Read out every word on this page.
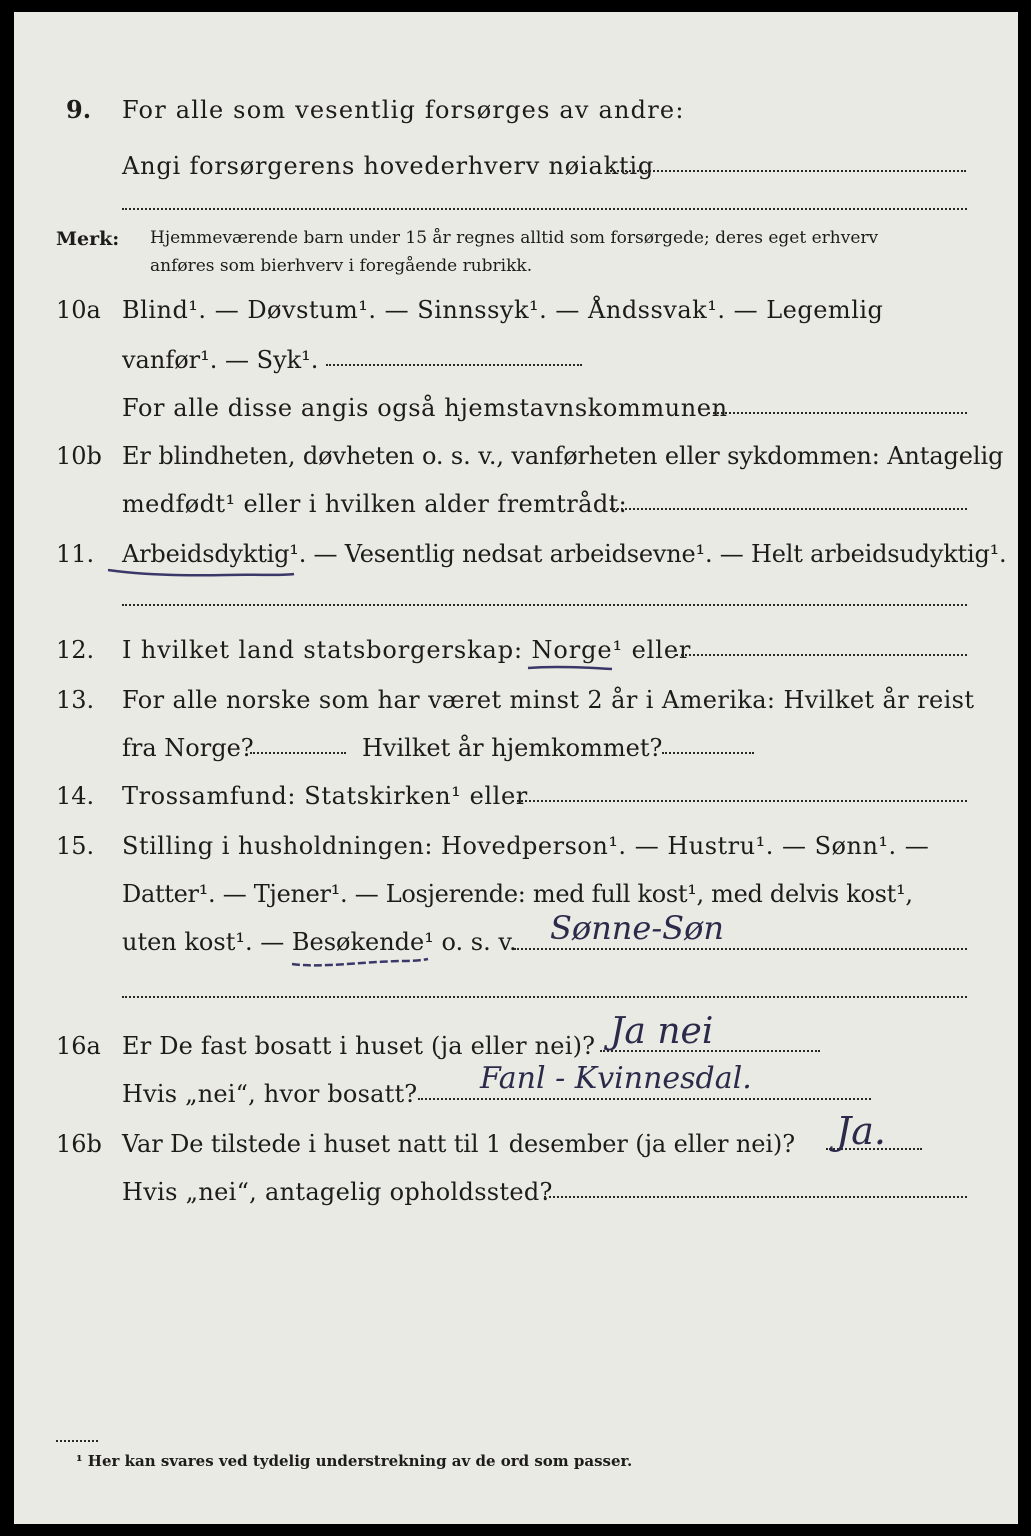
9. For alle som vesentlig forsørges av andre:
Angi forsørgerens hovederhverv nøiaktig
Merk: Hjemmeværende barn under 15 år regnes alltid som forsørgede; deres eget erhverv
anføres som bierhverv i foregående rubrikk.
10a Blind¹. — Døvstum¹. — Sinnssyk¹. — Åndssvak¹. — Legemlig
vanfør¹. — Syk¹.
For alle disse angis også hjemstavnskommunen
10b Er blindheten, døvheten o. s. v., vanførheten eller sykdommen: Antagelig
medfødt¹ eller i hvilken alder fremtrådt:
11. Arbeidsdyktig¹. — Vesentlig nedsat arbeidsevne¹. — Helt arbeidsudyktig¹.
12. I hvilket land statsborgerskap: Norge¹ eller
13. For alle norske som har været minst 2 år i Amerika: Hvilket år reist
fra Norge?	Hvilket år hjemkommet?
14. Trossamfund: Statskirken¹ eller
15. Stilling i husholdningen: Hovedperson¹. — Hustru¹. — Sønn¹. —
Datter¹. — Tjener¹. — Losjerende: med full kost¹, med delvis kost¹,
uten kost¹. — Besøkende¹ o. s. v. Sønne-Søn
16a Er De fast bosatt i huset (ja eller nei)? Ja nei
Hvis „nei“, hvor bosatt? Fanl - Kvinnesdal.
16b Var De tilstede i huset natt til 1 desember (ja eller nei)? Ja.
Hvis „nei“, antagelig opholdssted?
¹ Her kan svares ved tydelig understrekning av de ord som passer.
